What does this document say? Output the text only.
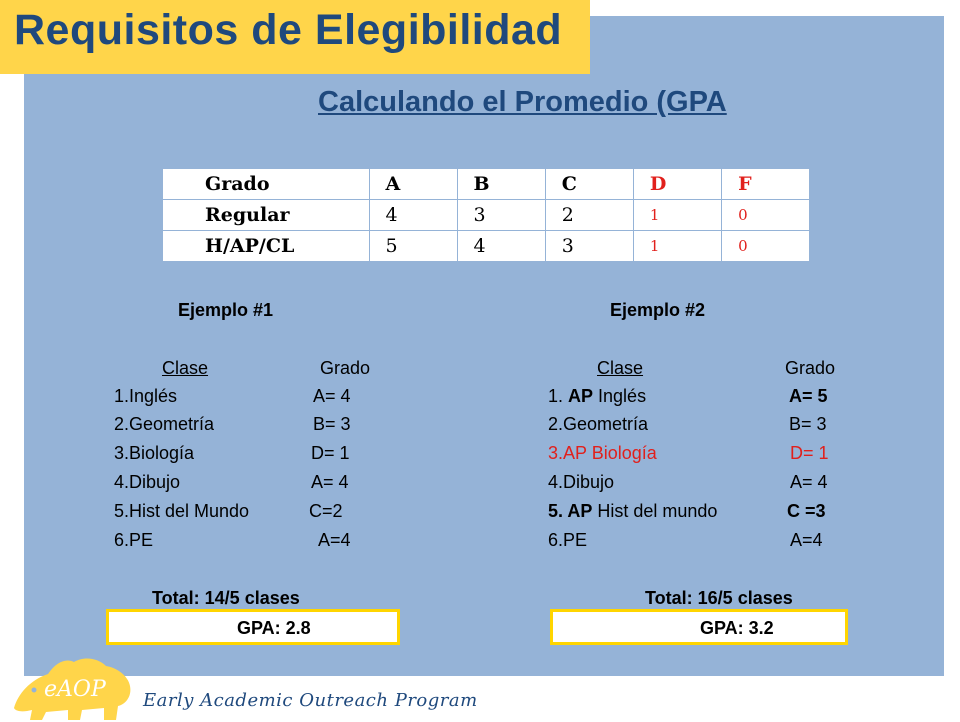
Requisitos de Elegibilidad
Calculando el Promedio (GPA
Grado	A	B	C	D	F
Regular	4	3	2	1	0
H/AP/CL	5	4	3	1	0
Ejemplo #1
Clase	Grado
1.Inglés	A= 4
2.Geometría	B= 3
3.Biología	D= 1
4.Dibujo	A= 4
5.Hist del Mundo	C=2
6.PE	A=4
Total: 14/5 clases
GPA: 2.8
Ejemplo #2
Clase	Grado
1. AP Inglés	A= 5
2.Geometría	B= 3
3.AP Biología	D= 1
4.Dibujo	A= 4
5. AP Hist del mundo	C =3
6.PE	A=4
Total: 16/5 clases
GPA: 3.2
eAOP Early Academic Outreach Program
